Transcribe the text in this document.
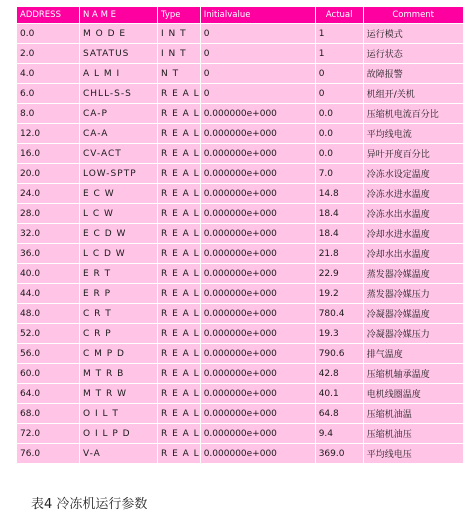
ADDRESS	N A M E	Type	Initialvalue	Actual	Comment
0.0	M O D E	I N T	0	1	运行模式
2.0	SATATUS	I N T	0	1	运行状态
4.0	A L M I	N T	0	0	故障报警
6.0	CHLL-S-S	R E A L	0	0	机组开/关机
8.0	CA-P	R E A L	0.000000e+000	0.0	压缩机电流百分比
12.0	CA-A	R E A L	0.000000e+000	0.0	平均线电流
16.0	CV-ACT	R E A L	0.000000e+000	0.0	异叶开度百分比
20.0	LOW-SPTP	R E A L	0.000000e+000	7.0	冷冻水设定温度
24.0	E C W	R E A L	0.000000e+000	14.8	冷冻水进水温度
28.0	L C W	R E A L	0.000000e+000	18.4	冷冻水出水温度
32.0	E C D W	R E A L	0.000000e+000	18.4	冷却水进水温度
36.0	L C D W	R E A L	0.000000e+000	21.8	冷却水出水温度
40.0	E R T	R E A L	0.000000e+000	22.9	蒸发器冷媒温度
44.0	E R P	R E A L	0.000000e+000	19.2	蒸发器冷媒压力
48.0	C R T	R E A L	0.000000e+000	780.4	冷凝器冷媒温度
52.0	C R P	R E A L	0.000000e+000	19.3	冷凝器冷媒压力
56.0	C M P D	R E A L	0.000000e+000	790.6	排气温度
60.0	M T R B	R E A L	0.000000e+000	42.8	压缩机轴承温度
64.0	M T R W	R E A L	0.000000e+000	40.1	电机线圈温度
68.0	O I L T	R E A L	0.000000e+000	64.8	压缩机油温
72.0	O I L P D	R E A L	0.000000e+000	9.4	压缩机油压
76.0	V-A	R E A L	0.000000e+000	369.0	平均线电压
表4 冷冻机运行参数
